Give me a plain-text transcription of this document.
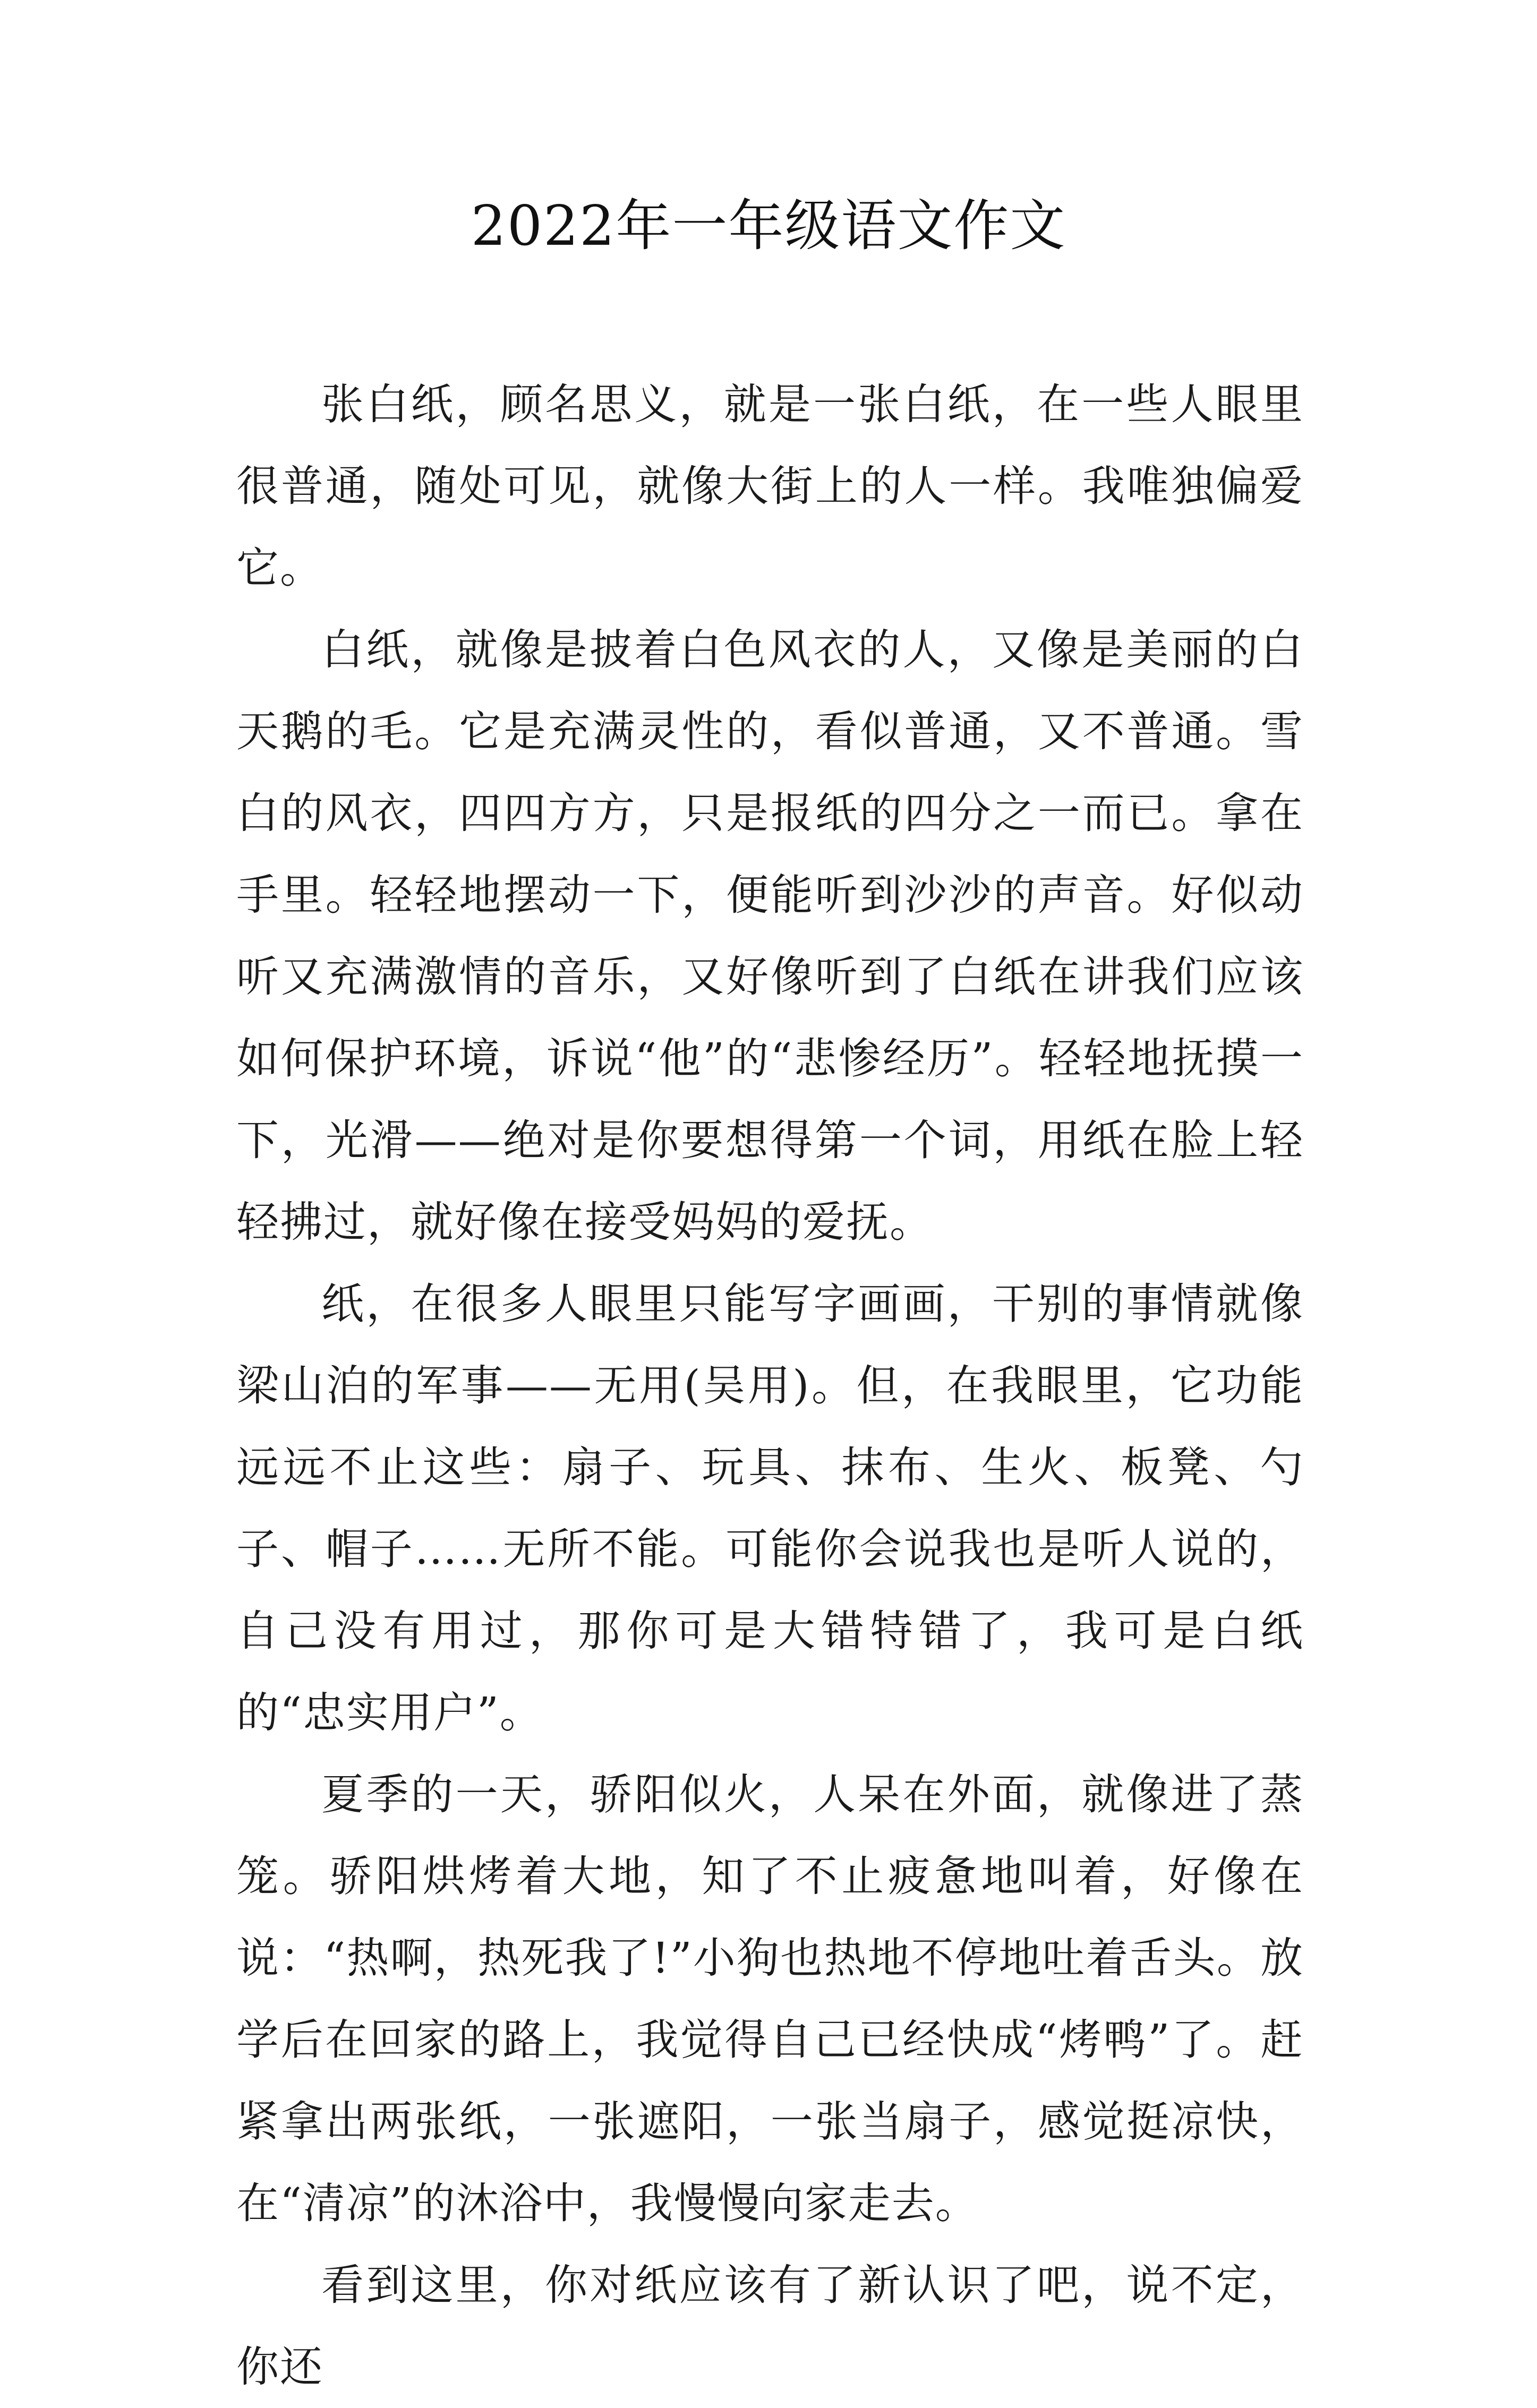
2022年一年级语文作文

张白纸，顾名思义，就是一张白纸，在一些人眼里很普通，随处可见，就像大街上的人一样。我唯独偏爱它。

白纸，就像是披着白色风衣的人，又像是美丽的白天鹅的毛。它是充满灵性的，看似普通，又不普通。雪白的风衣，四四方方，只是报纸的四分之一而已。拿在手里。轻轻地摆动一下，便能听到沙沙的声音。好似动听又充满激情的音乐，又好像听到了白纸在讲我们应该如何保护环境，诉说“他”的“悲惨经历”。轻轻地抚摸一下，光滑——绝对是你要想得第一个词，用纸在脸上轻轻拂过，就好像在接受妈妈的爱抚。

纸，在很多人眼里只能写字画画，干别的事情就像梁山泊的军事——无用(吴用)。但，在我眼里，它功能远远不止这些：扇子、玩具、抹布、生火、板凳、勺子、帽子……无所不能。可能你会说我也是听人说的，自己没有用过，那你可是大错特错了，我可是白纸的“忠实用户”。

夏季的一天，骄阳似火，人呆在外面，就像进了蒸笼。骄阳烘烤着大地，知了不止疲惫地叫着，好像在说：“热啊，热死我了!”小狗也热地不停地吐着舌头。放学后在回家的路上，我觉得自己已经快成“烤鸭”了。赶紧拿出两张纸，一张遮阳，一张当扇子，感觉挺凉快，在“清凉”的沐浴中，我慢慢向家走去。

看到这里，你对纸应该有了新认识了吧，说不定，你还
